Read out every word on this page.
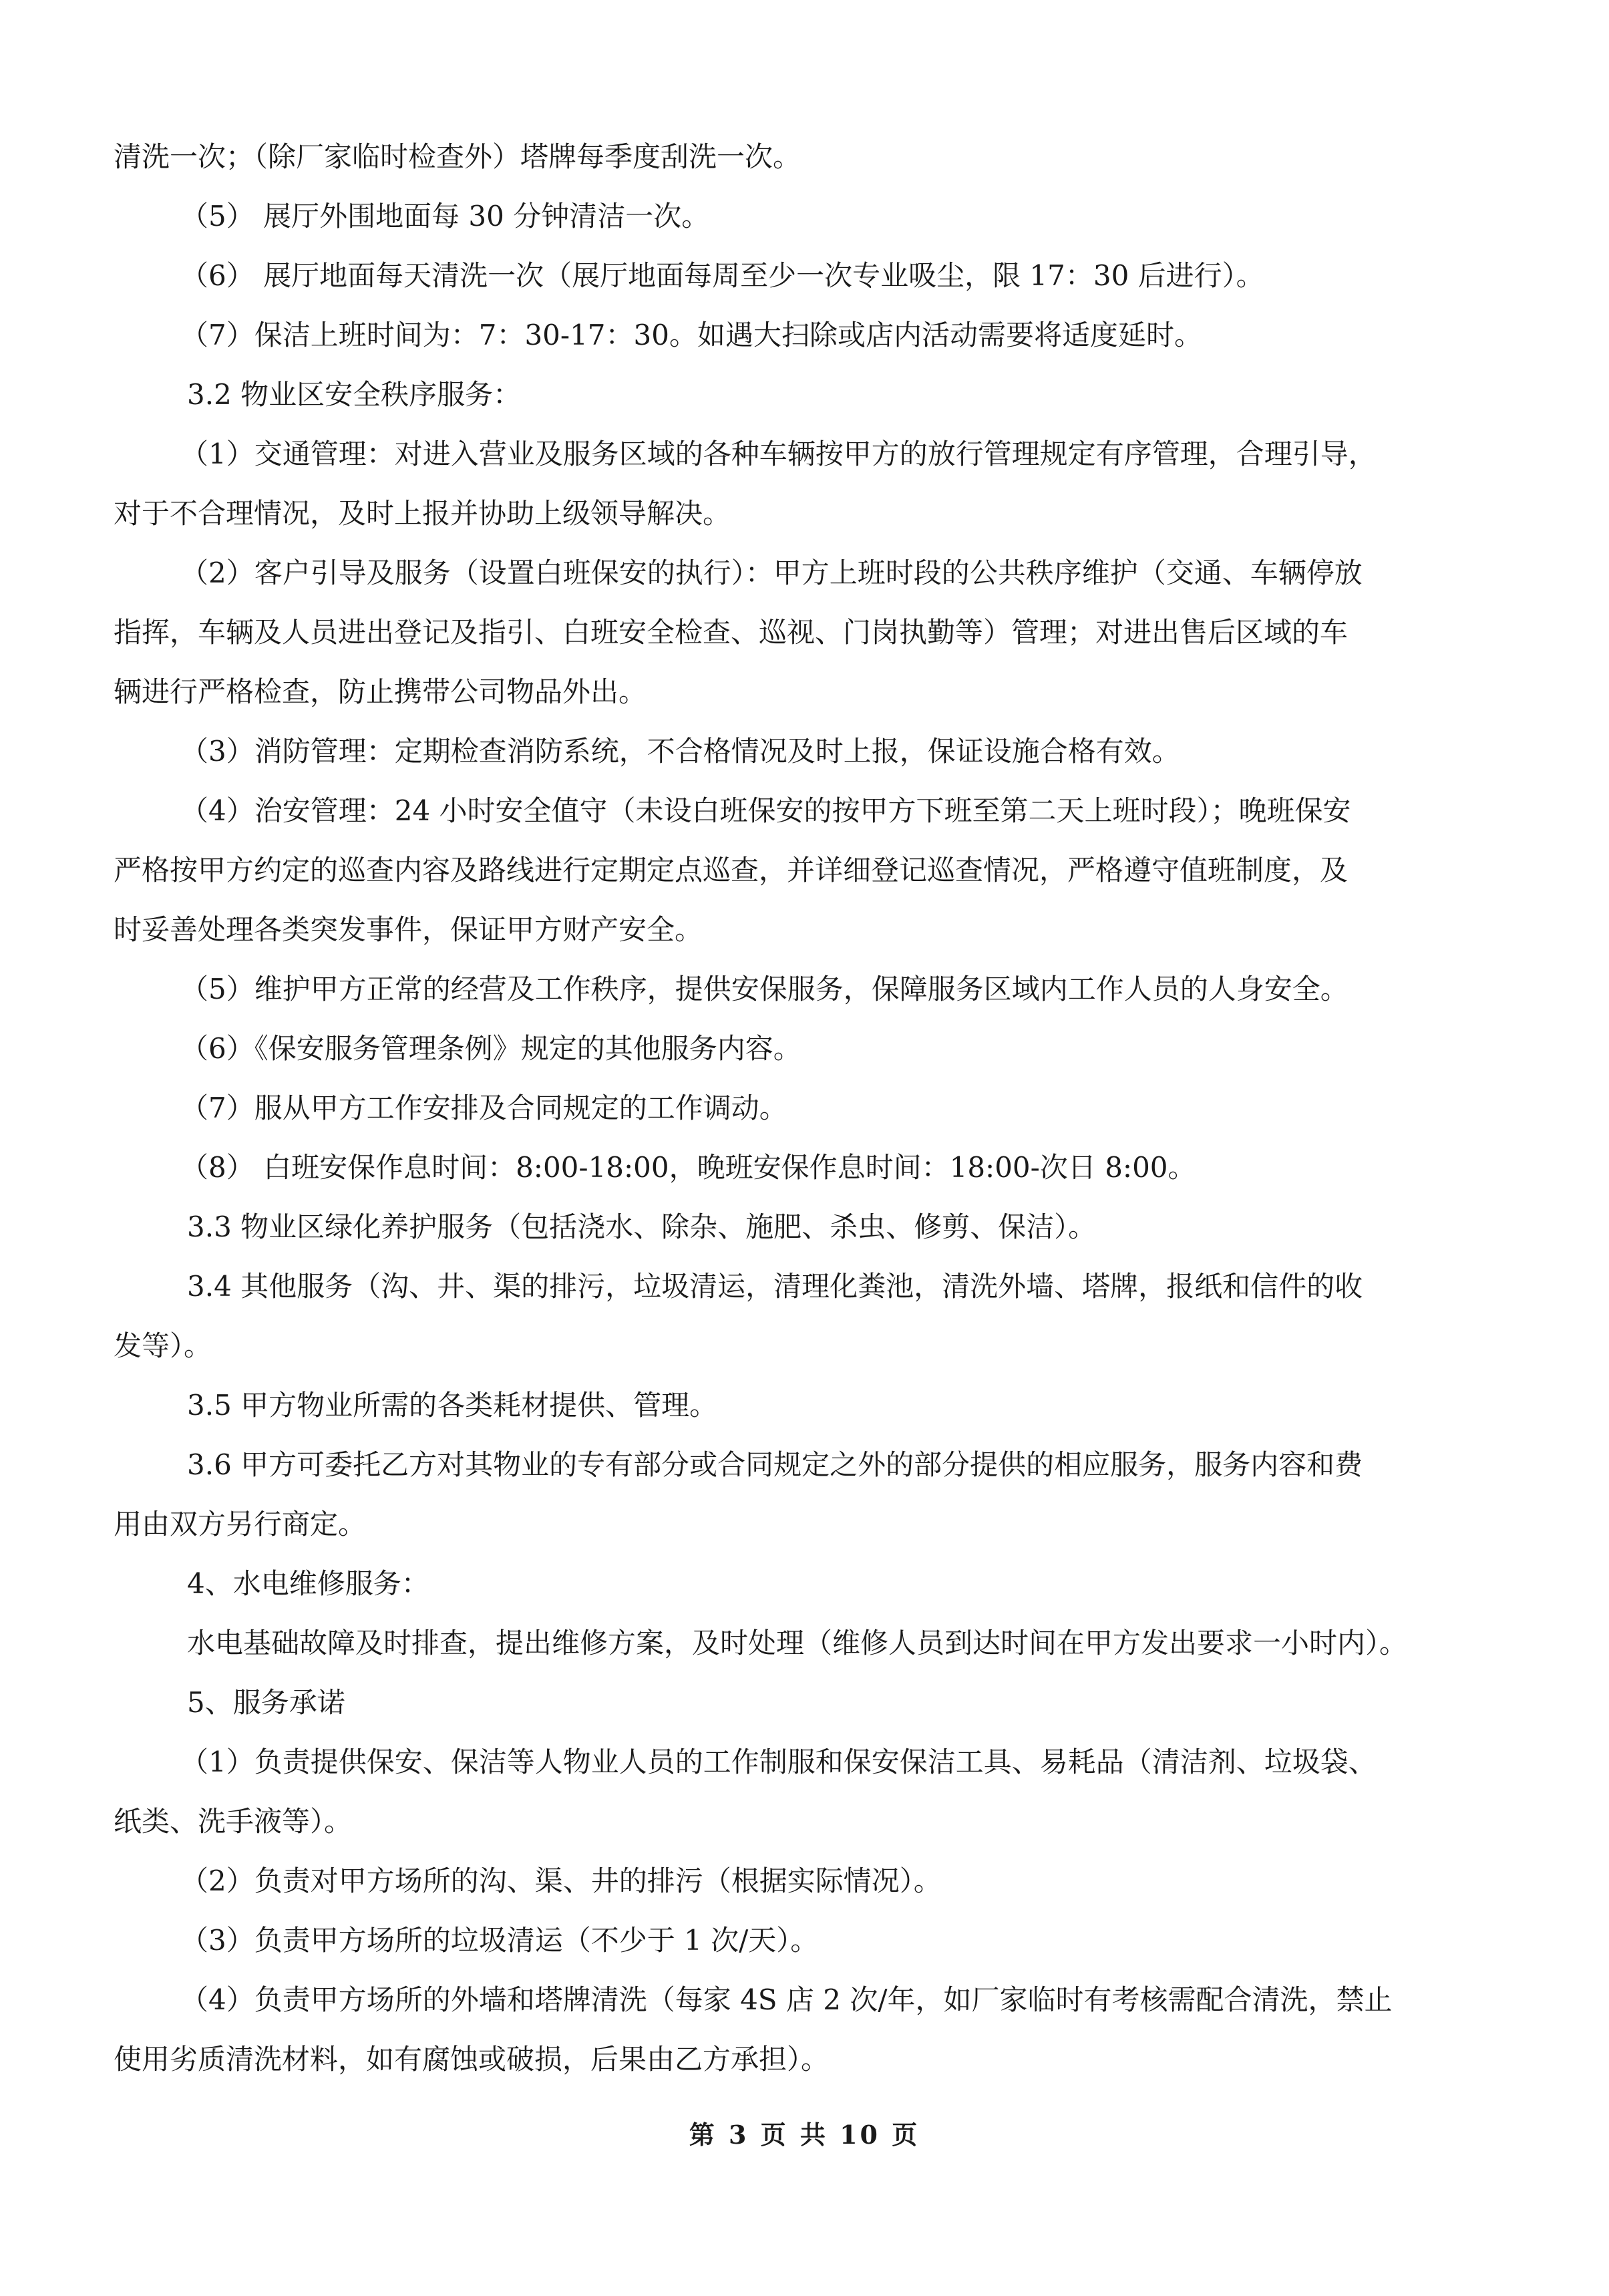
清洗一次；（除厂家临时检查外）塔牌每季度刮洗一次。

（5） 展厅外围地面每 30 分钟清洁一次。

（6） 展厅地面每天清洗一次（展厅地面每周至少一次专业吸尘，限 17：30 后进行）。

（7）保洁上班时间为：7：30-17：30。如遇大扫除或店内活动需要将适度延时。

3.2 物业区安全秩序服务：

（1）交通管理：对进入营业及服务区域的各种车辆按甲方的放行管理规定有序管理，合理引导，

对于不合理情况，及时上报并协助上级领导解决。

（2）客户引导及服务（设置白班保安的执行）：甲方上班时段的公共秩序维护（交通、车辆停放

指挥，车辆及人员进出登记及指引、白班安全检查、巡视、门岗执勤等）管理；对进出售后区域的车

辆进行严格检查，防止携带公司物品外出。

（3）消防管理：定期检查消防系统，不合格情况及时上报，保证设施合格有效。

（4）治安管理：24 小时安全值守（未设白班保安的按甲方下班至第二天上班时段）；晚班保安

严格按甲方约定的巡查内容及路线进行定期定点巡查，并详细登记巡查情况，严格遵守值班制度，及

时妥善处理各类突发事件，保证甲方财产安全。

（5）维护甲方正常的经营及工作秩序，提供安保服务，保障服务区域内工作人员的人身安全。

（6）《保安服务管理条例》规定的其他服务内容。

（7）服从甲方工作安排及合同规定的工作调动。

（8） 白班安保作息时间：8:00-18:00，晚班安保作息时间：18:00-次日 8:00。

3.3 物业区绿化养护服务（包括浇水、除杂、施肥、杀虫、修剪、保洁）。

3.4 其他服务（沟、井、渠的排污，垃圾清运，清理化粪池，清洗外墙、塔牌，报纸和信件的收

发等）。

3.5 甲方物业所需的各类耗材提供、管理。

3.6 甲方可委托乙方对其物业的专有部分或合同规定之外的部分提供的相应服务，服务内容和费

用由双方另行商定。

4、水电维修服务：

水电基础故障及时排查，提出维修方案，及时处理（维修人员到达时间在甲方发出要求一小时内）。

5、服务承诺

（1）负责提供保安、保洁等人物业人员的工作制服和保安保洁工具、易耗品（清洁剂、垃圾袋、

纸类、洗手液等）。

（2）负责对甲方场所的沟、渠、井的排污（根据实际情况）。

（3）负责甲方场所的垃圾清运（不少于 1 次/天）。

（4）负责甲方场所的外墙和塔牌清洗（每家 4S 店 2 次/年，如厂家临时有考核需配合清洗，禁止

使用劣质清洗材料，如有腐蚀或破损，后果由乙方承担）。

第 3 页 共 10 页
